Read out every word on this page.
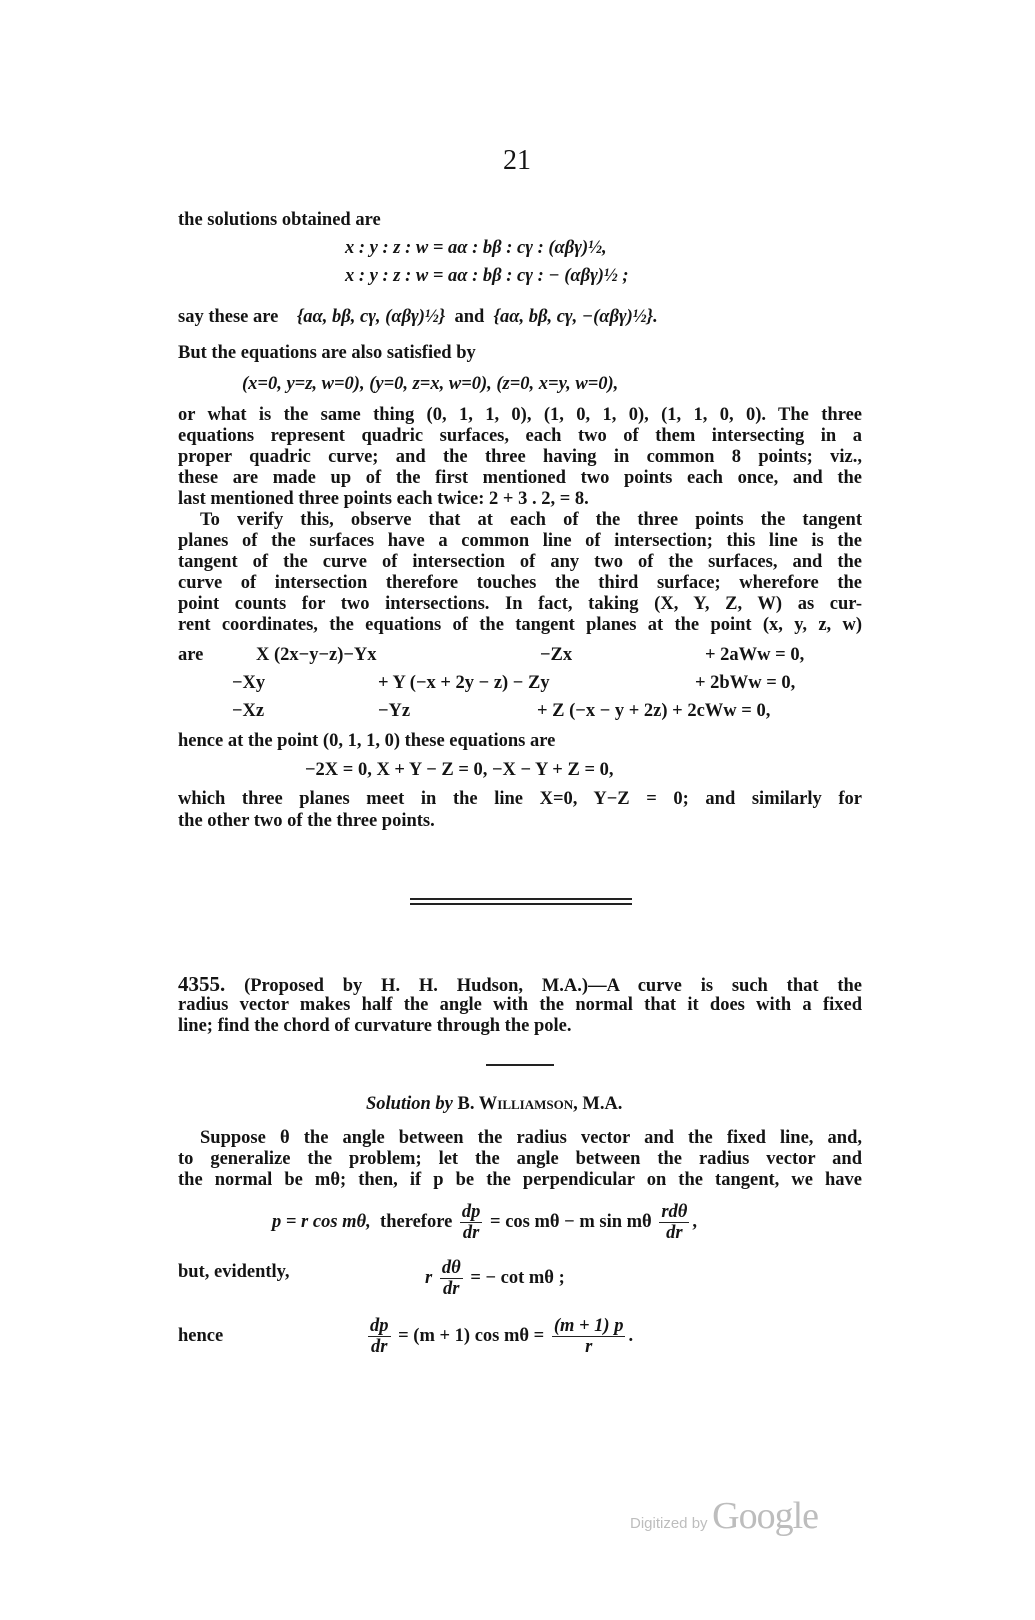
21
the solutions obtained are
x : y : z : w = aα : bβ : cγ : (αβγ)½,
x : y : z : w = aα : bβ : cγ : − (αβγ)½ ;
say these are {aα, bβ, cγ, (αβγ)½} and {aα, bβ, cγ, −(αβγ)½}.
But the equations are also satisfied by
(x=0, y=z, w=0), (y=0, z=x, w=0), (z=0, x=y, w=0),
or what is the same thing (0, 1, 1, 0), (1, 0, 1, 0), (1, 1, 0, 0). The three
equations represent quadric surfaces, each two of them intersecting in a
proper quadric curve; and the three having in common 8 points; viz.,
these are made up of the first mentioned two points each once, and the
last mentioned three points each twice: 2 + 3 . 2, = 8.
To verify this, observe that at each of the three points the tangent
planes of the surfaces have a common line of intersection; this line is the
tangent of the curve of intersection of any two of the surfaces, and the
curve of intersection therefore touches the third surface; wherefore the
point counts for two intersections. In fact, taking (X, Y, Z, W) as cur-
rent coordinates, the equations of the tangent planes at the point (x, y, z, w)
are	X (2x−y−z)−Yx	−Zx	+ 2aWw = 0,
−Xy	+ Y (−x + 2y − z) − Zy	+ 2bWw = 0,
−Xz	−Yz	+ Z (−x − y + 2z) + 2cWw = 0,
hence at the point (0, 1, 1, 0) these equations are
−2X = 0, X + Y − Z = 0, −X − Y + Z = 0,
which three planes meet in the line X=0, Y−Z = 0; and similarly for
the other two of the three points.
4355. (Proposed by H. H. Hudson, M.A.)—A curve is such that the
radius vector makes half the angle with the normal that it does with a fixed
line; find the chord of curvature through the pole.
Solution by B. Williamson, M.A.
Suppose θ the angle between the radius vector and the fixed line, and,
to generalize the problem; let the angle between the radius vector and
the normal be mθ; then, if p be the perpendicular on the tangent, we have
p = r cos mθ, therefore $\frac{dp}{dr} = \cos m\theta - m$ sin mθ $\frac{\text{rdθ}}{dr}$ ,
but, evidently,	r $\frac{d\theta}{dr}$ = − cot mθ ;
hence	$\frac{dp}{dr} = (m + 1)$ $\cos m\theta = \frac{(m + 1) p}{r}$ .
Digitized by Google
